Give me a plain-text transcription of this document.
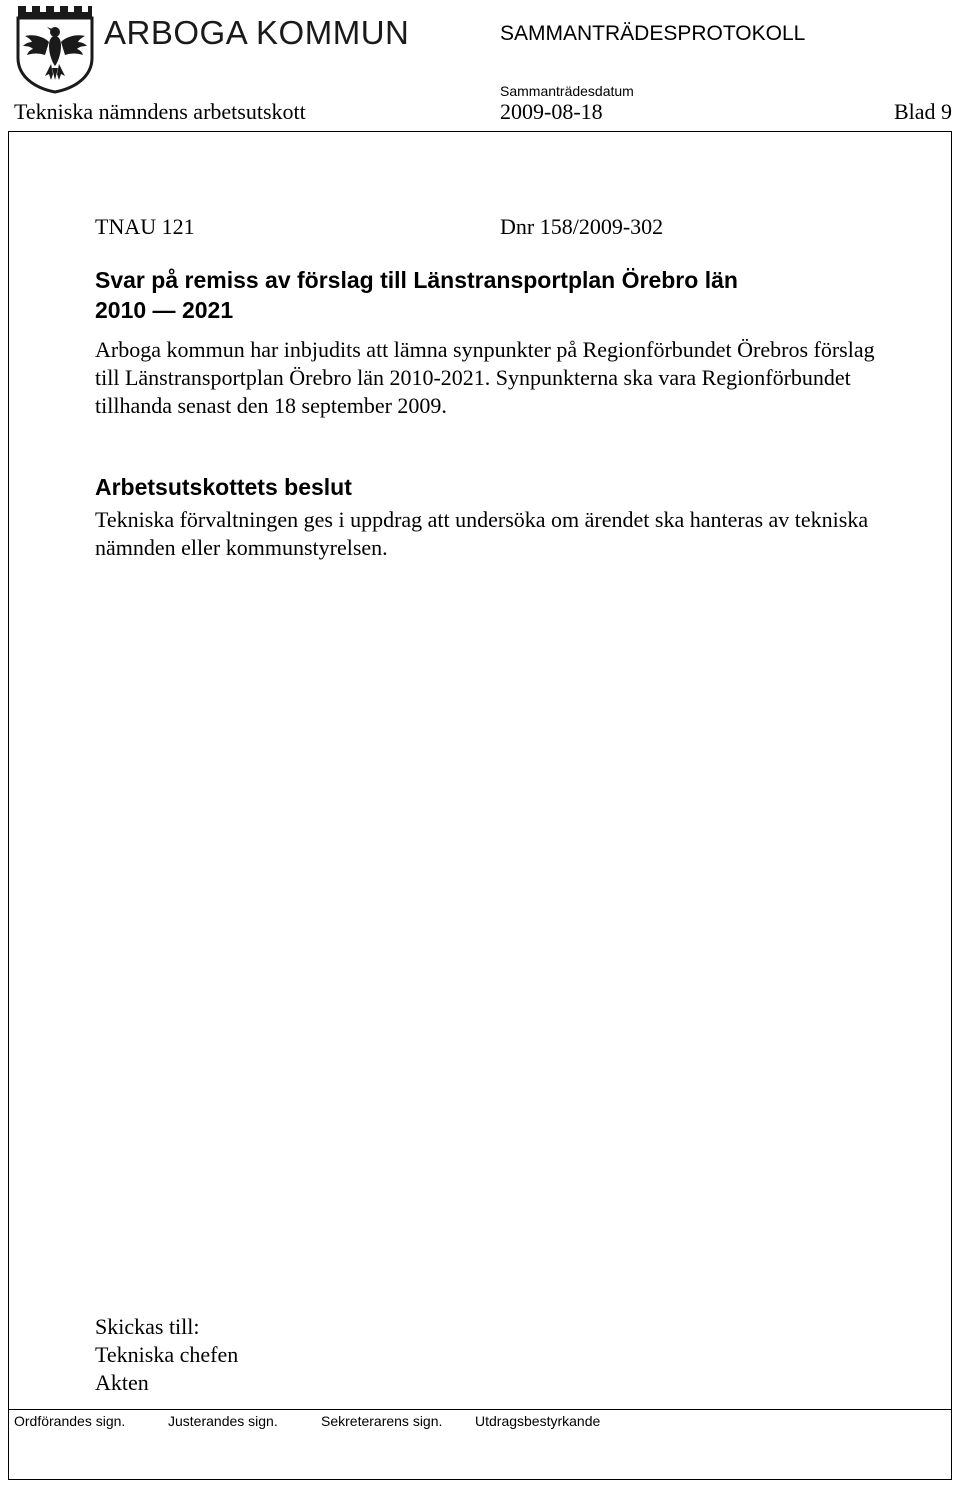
ARBOGA KOMMUN	SAMMANTRÄDESPROTOKOLL
Sammanträdesdatum
Tekniska nämndens arbetsutskott	2009-08-18	Blad 9
TNAU 121	Dnr 158/2009-302
Svar på remiss av förslag till Länstransportplan Örebro län
2010 — 2021
Arboga kommun har inbjudits att lämna synpunkter på Regionförbundet Örebros förslag till Länstransportplan Örebro län 2010-2021. Synpunkterna ska vara Regionförbundet tillhanda senast den 18 september 2009.
Arbetsutskottets beslut
Tekniska förvaltningen ges i uppdrag att undersöka om ärendet ska hanteras av tekniska nämnden eller kommunstyrelsen.
Skickas till:
Tekniska chefen
Akten
Ordförandes sign.	Justerandes sign.	Sekreterarens sign. Utdragsbestyrkande
